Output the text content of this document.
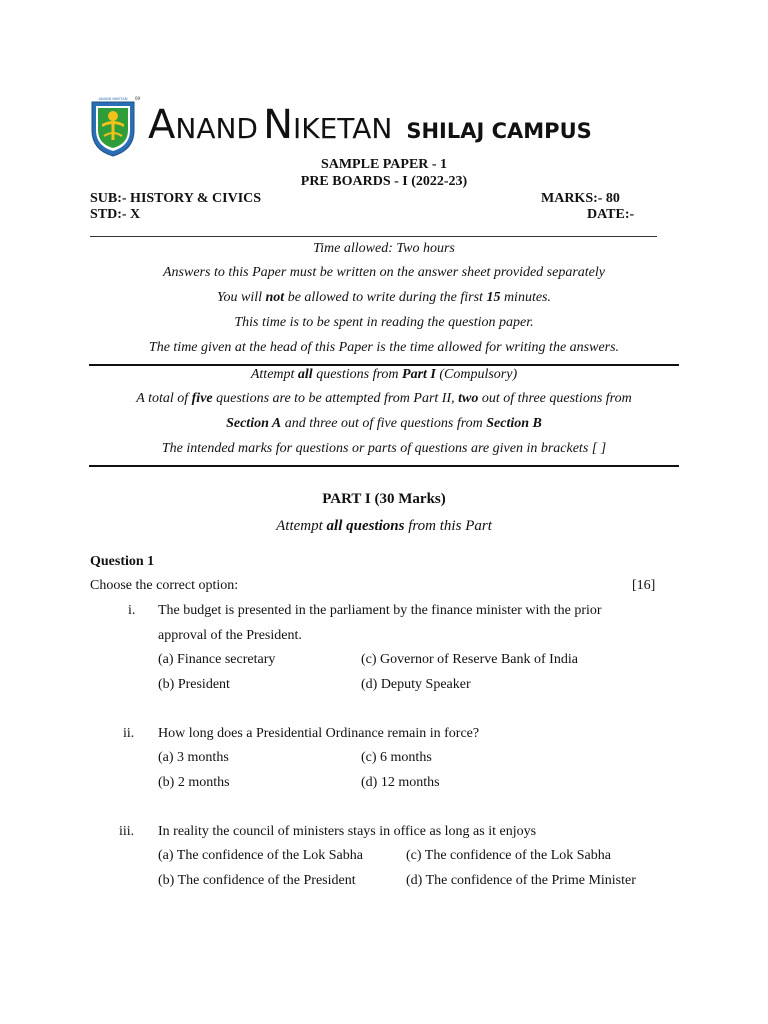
ANAND NIKETAN 09
ANAND NIKETAN SHILAJ CAMPUS
SAMPLE PAPER - 1
PRE BOARDS - I (2022-23)
SUB:- HISTORY & CIVICS	MARKS:- 80
STD:- X	DATE:-
Time allowed: Two hours
Answers to this Paper must be written on the answer sheet provided separately
You will not be allowed to write during the first 15 minutes.
This time is to be spent in reading the question paper.
The time given at the head of this Paper is the time allowed for writing the answers.
Attempt all questions from Part I (Compulsory)
A total of five questions are to be attempted from Part II, two out of three questions from
Section A and three out of five questions from Section B
The intended marks for questions or parts of questions are given in brackets [ ]
PART I (30 Marks)
Attempt all questions from this Part
Question 1
Choose the correct option:	[16]
i. The budget is presented in the parliament by the finance minister with the prior
approval of the President.
(a) Finance secretary	(c) Governor of Reserve Bank of India
(b) President	(d) Deputy Speaker
ii. How long does a Presidential Ordinance remain in force?
(a) 3 months	(c) 6 months
(b) 2 months	(d) 12 months
iii. In reality the council of ministers stays in office as long as it enjoys
(a) The confidence of the Lok Sabha	(c) The confidence of the Lok Sabha
(b) The confidence of the President	(d) The confidence of the Prime Minister
